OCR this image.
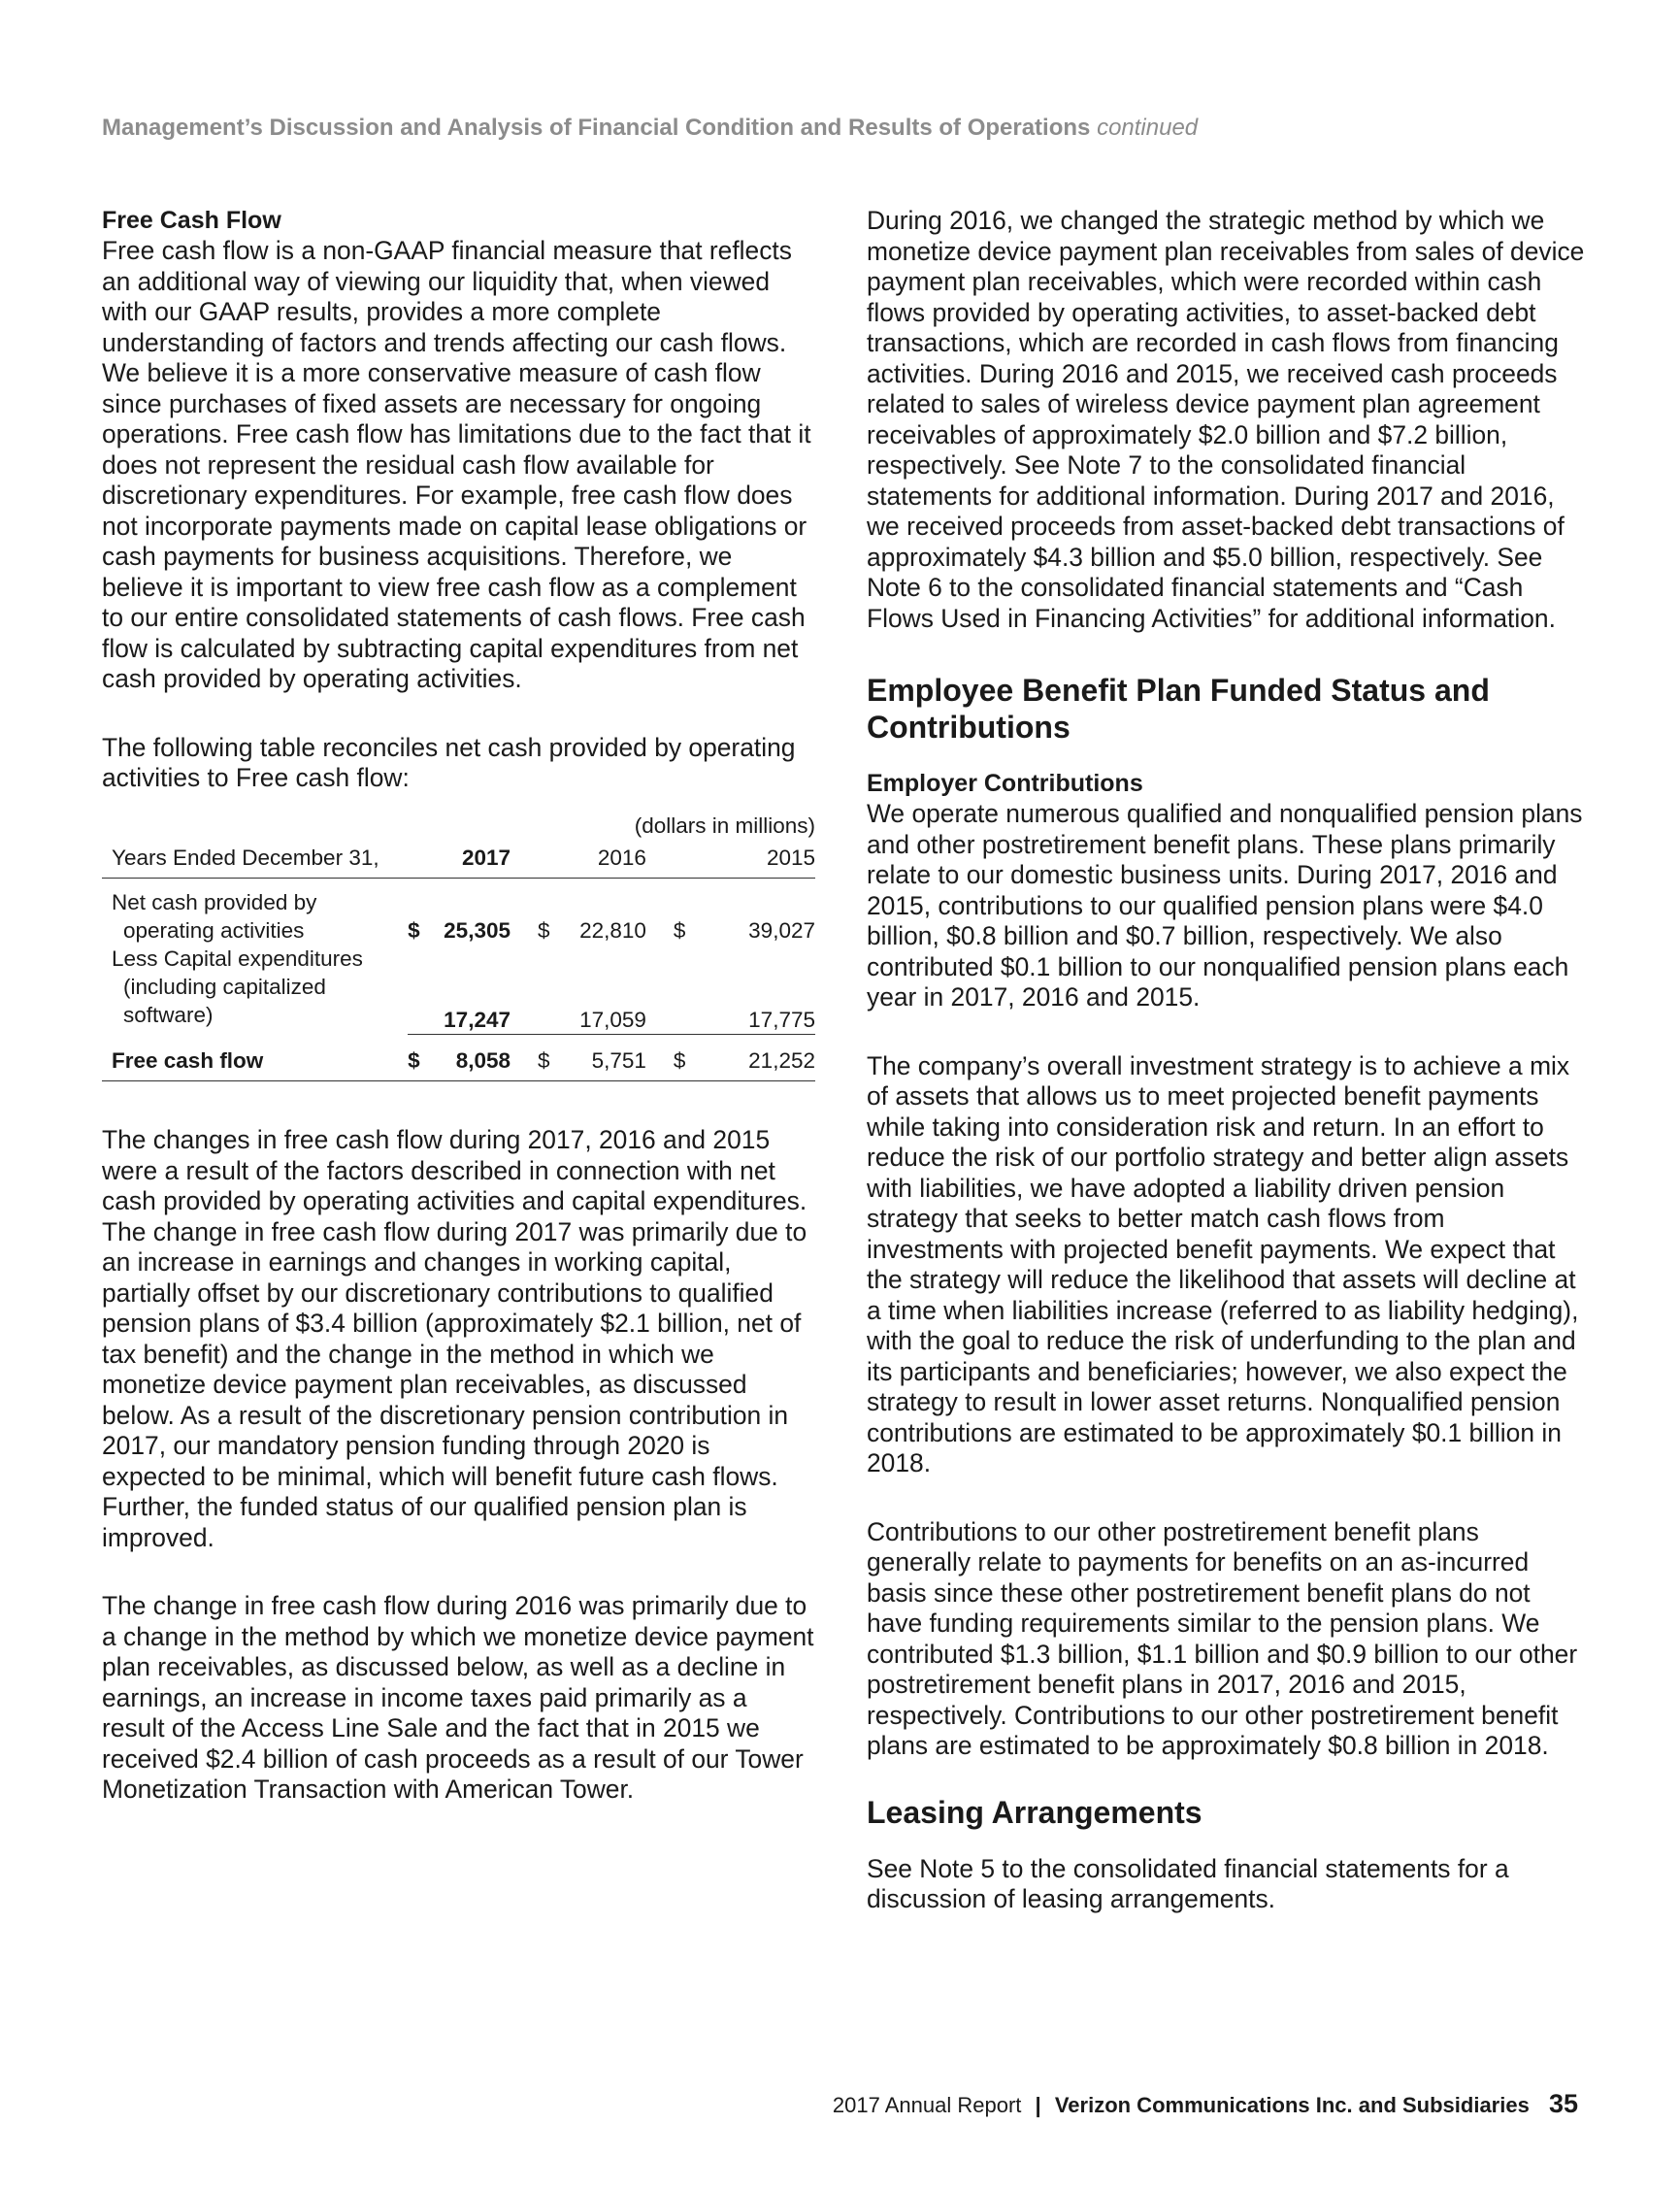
Management’s Discussion and Analysis of Financial Condition and Results of Operations continued

Free Cash Flow

Free cash flow is a non-GAAP financial measure that reflects an additional way of viewing our liquidity that, when viewed with our GAAP results, provides a more complete understanding of factors and trends affecting our cash flows. We believe it is a more conservative measure of cash flow since purchases of fixed assets are necessary for ongoing operations. Free cash flow has limitations due to the fact that it does not represent the residual cash flow available for discretionary expenditures. For example, free cash flow does not incorporate payments made on capital lease obligations or cash payments for business acquisitions. Therefore, we believe it is important to view free cash flow as a complement to our entire consolidated statements of cash flows. Free cash flow is calculated by subtracting capital expenditures from net cash provided by operating activities.

The following table reconciles net cash provided by operating activities to Free cash flow:

(dollars in millions)						
Years Ended December 31,		2017		2016		2015

Net cash provided by						
operating activities	$	25,305	$	22,810	$	39,027
Less Capital expenditures						
(including capitalized						
software)		17,247		17,059		17,775
Free cash flow	$	8,058	$	5,751	$	21,252

The changes in free cash flow during 2017, 2016 and 2015 were a result of the factors described in connection with net cash provided by operating activities and capital expenditures. The change in free cash flow during 2017 was primarily due to an increase in earnings and changes in working capital, partially offset by our discretionary contributions to qualified pension plans of $3.4 billion (approximately $2.1 billion, net of tax benefit) and the change in the method in which we monetize device payment plan receivables, as discussed below. As a result of the discretionary pension contribution in 2017, our mandatory pension funding through 2020 is expected to be minimal, which will benefit future cash flows. Further, the funded status of our qualified pension plan is improved.

The change in free cash flow during 2016 was primarily due to a change in the method by which we monetize device payment plan receivables, as discussed below, as well as a decline in earnings, an increase in income taxes paid primarily as a result of the Access Line Sale and the fact that in 2015 we received $2.4 billion of cash proceeds as a result of our Tower Monetization Transaction with American Tower.

During 2016, we changed the strategic method by which we monetize device payment plan receivables from sales of device payment plan receivables, which were recorded within cash flows provided by operating activities, to asset-backed debt transactions, which are recorded in cash flows from financing activities. During 2016 and 2015, we received cash proceeds related to sales of wireless device payment plan agreement receivables of approximately $2.0 billion and $7.2 billion, respectively. See Note 7 to the consolidated financial statements for additional information. During 2017 and 2016, we received proceeds from asset-backed debt transactions of approximately $4.3 billion and $5.0 billion, respectively. See Note 6 to the consolidated financial statements and “Cash Flows Used in Financing Activities” for additional information.

Employee Benefit Plan Funded Status and Contributions

Employer Contributions

We operate numerous qualified and nonqualified pension plans and other postretirement benefit plans. These plans primarily relate to our domestic business units. During 2017, 2016 and 2015, contributions to our qualified pension plans were $4.0 billion, $0.8 billion and $0.7 billion, respectively. We also contributed $0.1 billion to our nonqualified pension plans each year in 2017, 2016 and 2015.

The company’s overall investment strategy is to achieve a mix of assets that allows us to meet projected benefit payments while taking into consideration risk and return. In an effort to reduce the risk of our portfolio strategy and better align assets with liabilities, we have adopted a liability driven pension strategy that seeks to better match cash flows from investments with projected benefit payments. We expect that the strategy will reduce the likelihood that assets will decline at a time when liabilities increase (referred to as liability hedging), with the goal to reduce the risk of underfunding to the plan and its participants and beneficiaries; however, we also expect the strategy to result in lower asset returns. Nonqualified pension contributions are estimated to be approximately $0.1 billion in 2018.

Contributions to our other postretirement benefit plans generally relate to payments for benefits on an as-incurred basis since these other postretirement benefit plans do not have funding requirements similar to the pension plans. We contributed $1.3 billion, $1.1 billion and $0.9 billion to our other postretirement benefit plans in 2017, 2016 and 2015, respectively. Contributions to our other postretirement benefit plans are estimated to be approximately $0.8 billion in 2018.

Leasing Arrangements

See Note 5 to the consolidated financial statements for a discussion of leasing arrangements.

2017 Annual Report | Verizon Communications Inc. and Subsidiaries 35
